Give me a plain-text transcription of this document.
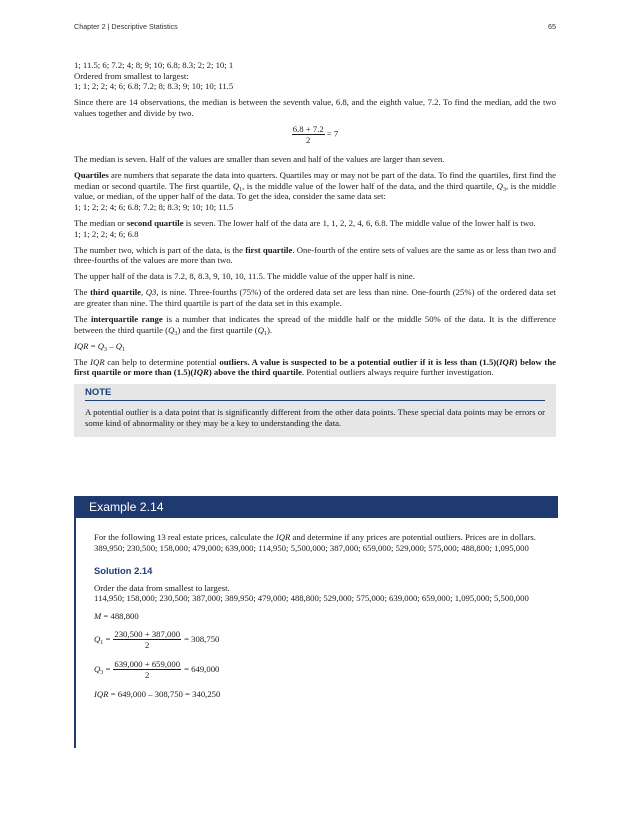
Chapter 2 | Descriptive Statistics	65

1; 11.5; 6; 7.2; 4; 8; 9; 10; 6.8; 8.3; 2; 2; 10; 1
Ordered from smallest to largest:
1; 1; 2; 2; 4; 6; 6.8; 7.2; 8; 8.3; 9; 10; 10; 11.5

Since there are 14 observations, the median is between the seventh value, 6.8, and the eighth value, 7.2. To find the median, add the two values together and divide by two.

$\frac{6.8 + 7.2}{2} = 7$

The median is seven. Half of the values are smaller than seven and half of the values are larger than seven.

Quartiles are numbers that separate the data into quarters. Quartiles may or may not be part of the data. To find the quartiles, first find the median or second quartile. The first quartile, $Q_1$, is the middle value of the lower half of the data, and the third quartile, $Q_3$, is the middle value, or median, of the upper half of the data. To get the idea, consider the same data set:
1; 1; 2; 2; 4; 6; 6.8; 7.2; 8; 8.3; 9; 10; 10; 11.5

The median or second quartile is seven. The lower half of the data are 1, 1, 2, 2, 4, 6, 6.8. The middle value of the lower half is two.
1; 1; 2; 2; 4; 6; 6.8

The number two, which is part of the data, is the first quartile. One-fourth of the entire sets of values are the same as or less than two and three-fourths of the values are more than two.

The upper half of the data is 7.2, 8, 8.3, 9, 10, 10, 11.5. The middle value of the upper half is nine.

The third quartile, Q3, is nine. Three-fourths (75%) of the ordered data set are less than nine. One-fourth (25%) of the ordered data set are greater than nine. The third quartile is part of the data set in this example.

The interquartile range is a number that indicates the spread of the middle half or the middle 50% of the data. It is the difference between the third quartile $(Q_3)$ and the first quartile $(Q_1)$.

IQR = $Q_3 - Q_1$

The IQR can help to determine potential outliers. A value is suspected to be a potential outlier if it is less than (1.5)(IQR) below the first quartile or more than (1.5)(IQR) above the third quartile. Potential outliers always require further investigation.

NOTE

A potential outlier is a data point that is significantly different from the other data points. These special data points may be errors or some kind of abnormality or they may be a key to understanding the data.

Example 2.14

For the following 13 real estate prices, calculate the IQR and determine if any prices are potential outliers. Prices are in dollars.
389,950; 230,500; 158,000; 479,000; 639,000; 114,950; 5,500,000; 387,000; 659,000; 529,000; 575,000; 488,800; 1,095,000

Solution 2.14

Order the data from smallest to largest.
114,950; 158,000; 230,500; 387,000; 389,950; 479,000; 488,800; 529,000; 575,000; 639,000; 659,000; 1,095,000; 5,500,000

M = 488,800

$Q_1 = \frac{230,500 + 387,000}{2} = 308,750$
$Q_3 = \frac{639,000 + 659,000}{2} = 649,000$

IQR = 649,000 – 308,750 = 340,250
